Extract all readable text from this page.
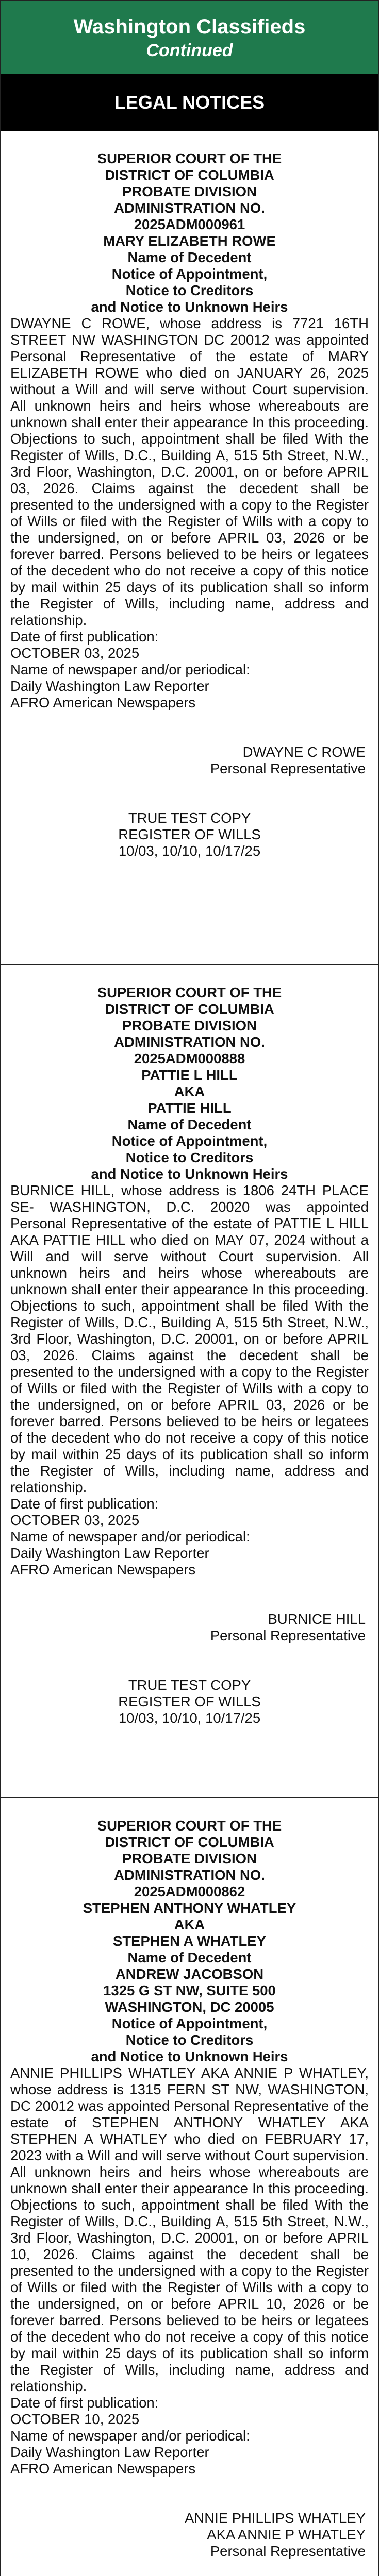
Washington Classifieds
Continued
LEGAL NOTICES
SUPERIOR COURT OF THE
DISTRICT OF COLUMBIA
PROBATE DIVISION
ADMINISTRATION NO.
2025ADM000961
MARY ELIZABETH ROWE
Name of Decedent
Notice of Appointment,
Notice to Creditors
and Notice to Unknown Heirs
DWAYNE C ROWE, whose address is 7721 16TH STREET NW WASHINGTON DC 20012 was appointed Personal Representative of the estate of MARY ELIZABETH ROWE who died on JANUARY 26, 2025 without a Will and will serve without Court supervision. All unknown heirs and heirs whose whereabouts are unknown shall enter their appearance In this proceeding. Objections to such, appointment shall be filed With the Register of Wills, D.C., Building A, 515 5th Street, N.W., 3rd Floor, Washington, D.C. 20001, on or before APRIL 03, 2026. Claims against the decedent shall be presented to the undersigned with a copy to the Register of Wills or filed with the Register of Wills with a copy to the undersigned, on or before APRIL 03, 2026 or be forever barred. Persons believed to be heirs or legatees of the decedent who do not receive a copy of this notice by mail within 25 days of its publication shall so inform the Register of Wills, including name, address and relationship.
Date of first publication:
OCTOBER 03, 2025
Name of newspaper and/or periodical:
Daily Washington Law Reporter
AFRO American Newspapers
DWAYNE C ROWE
Personal Representative
TRUE TEST COPY
REGISTER OF WILLS
10/03, 10/10, 10/17/25
SUPERIOR COURT OF THE
DISTRICT OF COLUMBIA
PROBATE DIVISION
ADMINISTRATION NO.
2025ADM000888
PATTIE L HILL
AKA
PATTIE HILL
Name of Decedent
Notice of Appointment,
Notice to Creditors
and Notice to Unknown Heirs
BURNICE HILL, whose address is 1806 24TH PLACE SE- WASHINGTON, D.C. 20020 was appointed Personal Representative of the estate of PATTIE L HILL AKA PATTIE HILL who died on MAY 07, 2024 without a Will and will serve without Court supervision. All unknown heirs and heirs whose whereabouts are unknown shall enter their appearance In this proceeding. Objections to such, appointment shall be filed With the Register of Wills, D.C., Building A, 515 5th Street, N.W., 3rd Floor, Washington, D.C. 20001, on or before APRIL 03, 2026. Claims against the decedent shall be presented to the undersigned with a copy to the Register of Wills or filed with the Register of Wills with a copy to the undersigned, on or before APRIL 03, 2026 or be forever barred. Persons believed to be heirs or legatees of the decedent who do not receive a copy of this notice by mail within 25 days of its publication shall so inform the Register of Wills, including name, address and relationship.
Date of first publication:
OCTOBER 03, 2025
Name of newspaper and/or periodical:
Daily Washington Law Reporter
AFRO American Newspapers
BURNICE HILL
Personal Representative
TRUE TEST COPY
REGISTER OF WILLS
10/03, 10/10, 10/17/25
SUPERIOR COURT OF THE
DISTRICT OF COLUMBIA
PROBATE DIVISION
ADMINISTRATION NO.
2025ADM000862
STEPHEN ANTHONY WHATLEY
AKA
STEPHEN A WHATLEY
Name of Decedent
ANDREW JACOBSON
1325 G ST NW, SUITE 500
WASHINGTON, DC 20005
Notice of Appointment,
Notice to Creditors
and Notice to Unknown Heirs
ANNIE PHILLIPS WHATLEY AKA ANNIE P WHATLEY, whose address is 1315 FERN ST NW, WASHINGTON, DC 20012 was appointed Personal Representative of the estate of STEPHEN ANTHONY WHATLEY AKA STEPHEN A WHATLEY who died on FEBRUARY 17, 2023 with a Will and will serve without Court supervision. All unknown heirs and heirs whose whereabouts are unknown shall enter their appearance In this proceeding. Objections to such, appointment shall be filed With the Register of Wills, D.C., Building A, 515 5th Street, N.W., 3rd Floor, Washington, D.C. 20001, on or before APRIL 10, 2026. Claims against the decedent shall be presented to the undersigned with a copy to the Register of Wills or filed with the Register of Wills with a copy to the undersigned, on or before APRIL 10, 2026 or be forever barred. Persons believed to be heirs or legatees of the decedent who do not receive a copy of this notice by mail within 25 days of its publication shall so inform the Register of Wills, including name, address and relationship.
Date of first publication:
OCTOBER 10, 2025
Name of newspaper and/or periodical:
Daily Washington Law Reporter
AFRO American Newspapers
ANNIE PHILLIPS WHATLEY
AKA ANNIE P WHATLEY
Personal Representative
